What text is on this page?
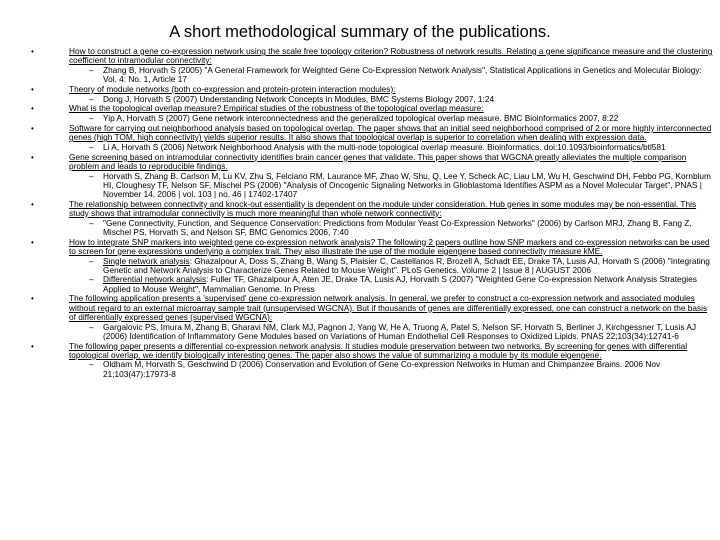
A short methodological summary of the publications.
•	How to construct a gene co-expression network using the scale free topology criterion? Robustness of network results. Relating a gene significance measure and the clustering coefficient to intramodular connectivity:
– Zhang B, Horvath S (2005) "A General Framework for Weighted Gene Co-Expression Network Analysis", Statistical Applications in Genetics and Molecular Biology: Vol. 4: No. 1, Article 17
•	Theory of module networks (both co-expression and protein-protein interaction modules):
– Dong J, Horvath S (2007) Understanding Network Concepts in Modules, BMC Systems Biology 2007, 1:24
•	What is the topological overlap measure? Empirical studies of the robustness of the topological overlap measure:
– Yip A, Horvath S (2007) Gene network interconnectedness and the generalized topological overlap measure. BMC Bioinformatics 2007, 8:22
•	Software for carrying out neighborhood analysis based on topological overlap. The paper shows that an initial seed neighborhood comprised of 2 or more highly interconnected genes (high TOM, high connectivity) yields superior results. It also shows that topological overlap is superior to correlation when dealing with expression data.
– Li A, Horvath S (2006) Network Neighborhood Analysis with the multi-node topological overlap measure. Bioinformatics. doi:10.1093/bioinformatics/btl581
•	Gene screening based on intramodular connectivity identifies brain cancer genes that validate. This paper shows that WGCNA greatly alleviates the multiple comparison problem and leads to reproducible findings.
– Horvath S, Zhang B, Carlson M, Lu KV, Zhu S, Felciano RM, Laurance MF, Zhao W, Shu, Q, Lee Y, Scheck AC, Liau LM, Wu H, Geschwind DH, Febbo PG, Kornblum HI, Cloughesy TF, Nelson SF, Mischel PS (2006) "Analysis of Oncogenic Signaling Networks in Glioblastoma Identifies ASPM as a Novel Molecular Target", PNAS | November 14, 2006 | vol. 103 | no. 46 | 17402-17407
•	The relationship between connectivity and knock-out essentiality is dependent on the module under consideration. Hub genes in some modules may be non-essential. This study shows that intramodular connectivity is much more meaningful than whole network connectivity:
– "Gene Connectivity, Function, and Sequence Conservation: Predictions from Modular Yeast Co-Expression Networks" (2006) by Carlson MRJ, Zhang B, Fang Z, Mischel PS, Horvath S, and Nelson SF, BMC Genomics 2006, 7:40
•	How to integrate SNP markers into weighted gene co-expression network analysis? The following 2 papers outline how SNP markers and co-expression networks can be used to screen for gene expressions underlying a complex trait. They also illustrate the use of the module eigengene based connectivity measure kME.
– Single network analysis: Ghazalpour A, Doss S, Zhang B, Wang S, Plaisier C, Castellanos R, Brozell A, Schadt EE, Drake TA, Lusis AJ, Horvath S (2006) "Integrating Genetic and Network Analysis to Characterize Genes Related to Mouse Weight". PLoS Genetics. Volume 2 | Issue 8 | AUGUST 2006
– Differential network analysis: Fuller TF, Ghazalpour A, Aten JE, Drake TA, Lusis AJ, Horvath S (2007) "Weighted Gene Co-expression Network Analysis Strategies Applied to Mouse Weight", Mammalian Genome. In Press
•	The following application presents a 'supervised' gene co-expression network analysis. In general, we prefer to construct a co-expression network and associated modules without regard to an external microarray sample trait (unsupervised WGCNA). But if thousands of genes are differentially expressed, one can construct a network on the basis of differentially expressed genes (supervised WGCNA):
– Gargalovic PS, Imura M, Zhang B, Gharavi NM, Clark MJ, Pagnon J, Yang W, He A, Truong A, Patel S, Nelson SF, Horvath S, Berliner J, Kirchgessner T, Lusis AJ (2006) Identification of Inflammatory Gene Modules based on Variations of Human Endothelial Cell Responses to Oxidized Lipids. PNAS 22;103(34):12741-6
•	The following paper presents a differential co-expression network analysis. It studies module preservation between two networks. By screening for genes with differential topological overlap, we identify biologically interesting genes. The paper also shows the value of summarizing a module by its module eigengene.
– Oldham M, Horvath S, Geschwind D (2006) Conservation and Evolution of Gene Co-expression Networks in Human and Chimpanzee Brains. 2006 Nov 21;103(47):17973-8
